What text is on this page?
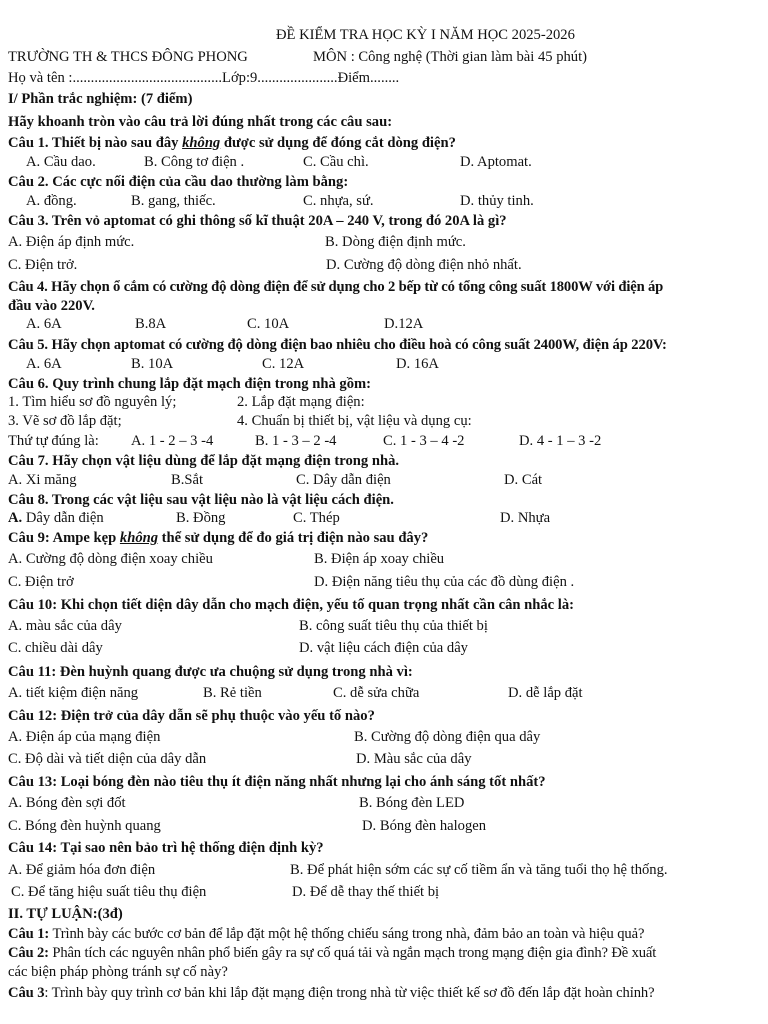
ĐỀ KIỂM TRA HỌC KỲ I NĂM HỌC 2025-2026
TRƯỜNG TH & THCS ĐÔNG PHONG	MÔN : Công nghệ (Thời gian làm bài 45 phút)
Họ và tên :.........................................Lớp:9......................Điểm........
I/ Phần trắc nghiệm: (7 điểm)
Hãy khoanh tròn vào câu trả lời đúng nhất trong các câu sau:
Câu 1. Thiết bị nào sau đây không được sử dụng để đóng cắt dòng điện?
A. Cầu dao.	B. Công tơ điện .	C. Cầu chì.	D. Aptomat.
Câu 2. Các cực nối điện của cầu dao thường làm bằng:
A. đồng.	B. gang, thiếc.	C. nhựa, sứ.	D. thủy tinh.
Câu 3. Trên vỏ aptomat có ghi thông số kĩ thuật 20A – 240 V, trong đó 20A là gì?
A. Điện áp định mức.	B. Dòng điện định mức.
C. Điện trở.	D. Cường độ dòng điện nhỏ nhất.
Câu 4. Hãy chọn ổ cắm có cường độ dòng điện để sử dụng cho 2 bếp từ có tổng công suất 1800W với điện áp
đầu vào 220V.
A. 6A	B.8A	C. 10A	D.12A
Câu 5. Hãy chọn aptomat có cường độ dòng điện bao nhiêu cho điều hoà có công suất 2400W, điện áp 220V:
A. 6A	B. 10A	C. 12A	D. 16A
Câu 6. Quy trình chung lắp đặt mạch điện trong nhà gồm:
1. Tìm hiểu sơ đồ nguyên lý;	2. Lắp đặt mạng điện:
3. Vẽ sơ đồ lắp đặt;	4. Chuẩn bị thiết bị, vật liệu và dụng cụ:
Thứ tự đúng là: A. 1 - 2 – 3 -4	B. 1 - 3 – 2 -4	C. 1 - 3 – 4 -2	D. 4 - 1 – 3 -2
Câu 7. Hãy chọn vật liệu dùng để lắp đặt mạng điện trong nhà.
A. Xi măng	B.Sắt	C. Dây dẫn điện	D. Cát
Câu 8. Trong các vật liệu sau vật liệu nào là vật liệu cách điện.
A. Dây dẫn điện	B. Đồng	C. Thép	D. Nhựa
Câu 9: Ampe kẹp không thể sử dụng để đo giá trị điện nào sau đây?
A. Cường độ dòng điện xoay chiều	B. Điện áp xoay chiều
C. Điện trở	D. Điện năng tiêu thụ của các đồ dùng điện .
Câu 10: Khi chọn tiết diện dây dẫn cho mạch điện, yếu tố quan trọng nhất cần cân nhắc là:
A. màu sắc của dây	B. công suất tiêu thụ của thiết bị
C. chiều dài dây	D. vật liệu cách điện của dây
Câu 11: Đèn huỳnh quang được ưa chuộng sử dụng trong nhà vì:
A. tiết kiệm điện năng	B. Rẻ tiền	C. dễ sửa chữa	D. dễ lắp đặt
Câu 12: Điện trở của dây dẫn sẽ phụ thuộc vào yếu tố nào?
A. Điện áp của mạng điện	B. Cường độ dòng điện qua dây
C. Độ dài và tiết diện của dây dẫn	D. Màu sắc của dây
Câu 13: Loại bóng đèn nào tiêu thụ ít điện năng nhất nhưng lại cho ánh sáng tốt nhất?
A. Bóng đèn sợi đốt	B. Bóng đèn LED
C. Bóng đèn huỳnh quang	D. Bóng đèn halogen
Câu 14: Tại sao nên bảo trì hệ thống điện định kỳ?
A. Để giảm hóa đơn điện	B. Để phát hiện sớm các sự cố tiềm ẩn và tăng tuổi thọ hệ thống.
C. Để tăng hiệu suất tiêu thụ điện	D. Để dễ thay thế thiết bị
II. TỰ LUẬN:(3đ)
Câu 1: Trình bày các bước cơ bản để lắp đặt một hệ thống chiếu sáng trong nhà, đảm bảo an toàn và hiệu quả?
Câu 2: Phân tích các nguyên nhân phổ biến gây ra sự cố quá tải và ngắn mạch trong mạng điện gia đình? Đề xuất
các biện pháp phòng tránh sự cố này?
Câu 3: Trình bày quy trình cơ bản khi lắp đặt mạng điện trong nhà từ việc thiết kế sơ đồ đến lắp đặt hoàn chỉnh?
